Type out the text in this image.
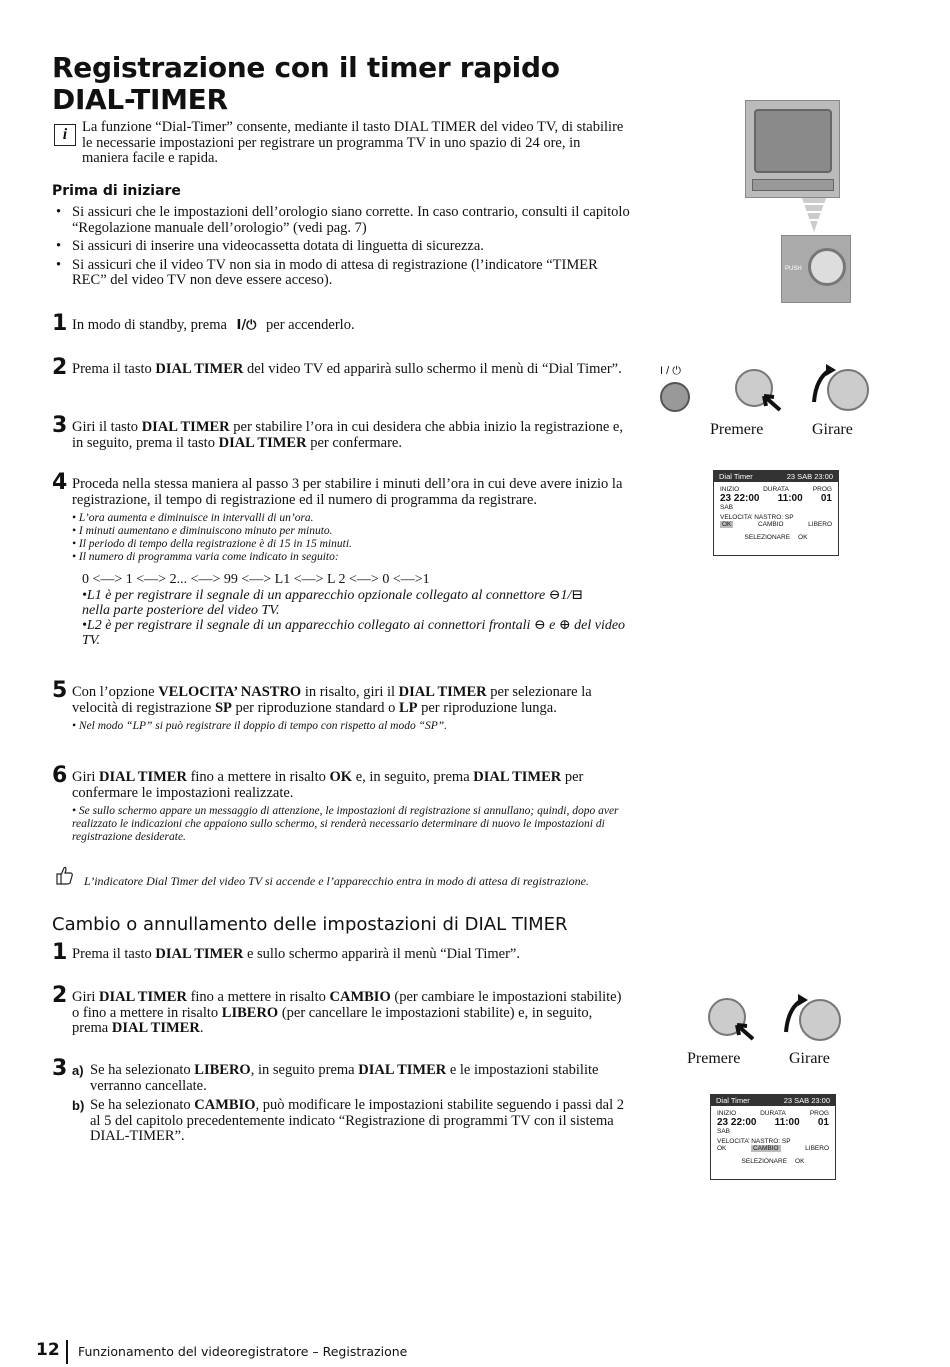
Registrazione con il timer rapido DIAL-TIMER
i La funzione “Dial-Timer” consente, mediante il tasto DIAL TIMER del video TV, di stabilire le necessarie impostazioni per registrare un programma TV in uno spazio di 24 ore, in maniera facile e rapida.
Prima di iniziare
• Si assicuri che le impostazioni dell’orologio siano corrette. In caso contrario, consulti il capitolo “Regolazione manuale dell’orologio” (vedi pag. 7)
• Si assicuri di inserire una videocassetta dotata di linguetta di sicurezza.
• Si assicuri che il video TV non sia in modo di attesa di registrazione (l’indicatore “TIMER REC” del video TV non deve essere acceso).
1 In modo di standby, prema I/⏻ per accenderlo.
2 Prema il tasto DIAL TIMER del video TV ed apparirà sullo schermo il menù di “Dial Timer”.
3 Giri il tasto DIAL TIMER per stabilire l’ora in cui desidera che abbia inizio la registrazione e, in seguito, prema il tasto DIAL TIMER per confermare.
4 Proceda nella stessa maniera al passo 3 per stabilire i minuti dell’ora in cui deve avere inizio la registrazione, il tempo di registrazione ed il numero di programma da registrare.
• L’ora aumenta e diminuisce in intervalli di un’ora.
• I minuti aumentano e diminuiscono minuto per minuto.
• Il periodo di tempo della registrazione è di 15 in 15 minuti.
• Il numero di programma varia come indicato in seguito:
0 <—> 1 <—> 2... <—> 99 <—> L1 <—> L 2 <—> 0 <—>1
•L1 è per registrare il segnale di un apparecchio opzionale collegato al connettore ⊖1/⊟
nella parte posteriore del video TV.
•L2 è per registrare il segnale di un apparecchio collegato ai connettori frontali ⊖ e ⊕ del video TV.
5 Con l’opzione VELOCITA’ NASTRO in risalto, giri il DIAL TIMER per selezionare la velocità di registrazione SP per riproduzione standard o LP per riproduzione lunga.
• Nel modo “LP” si può registrare il doppio di tempo con rispetto al modo “SP”.
6 Giri DIAL TIMER fino a mettere in risalto OK e, in seguito, prema DIAL TIMER per confermare le impostazioni realizzate.
• Se sullo schermo appare un messaggio di attenzione, le impostazioni di registrazione si annullano; quindi, dopo aver realizzato le indicazioni che appaiono sullo schermo, si renderà necessario determinare di nuovo le impostazioni di registrazione desiderate.
L’indicatore Dial Timer del video TV si accende e l’apparecchio entra in modo di attesa di registrazione.
Cambio o annullamento delle impostazioni di DIAL TIMER
1 Prema il tasto DIAL TIMER e sullo schermo apparirà il menù “Dial Timer”.
2 Giri DIAL TIMER fino a mettere in risalto CAMBIO (per cambiare le impostazioni stabilite) o fino a mettere in risalto LIBERO (per cancellare le impostazioni stabilite) e, in seguito, prema DIAL TIMER.
3 a) Se ha selezionato LIBERO, in seguito prema DIAL TIMER e le impostazioni stabilite verranno cancellate.
b) Se ha selezionato CAMBIO, può modificare le impostazioni stabilite seguendo i passi dal 2 al 5 del capitolo precedentemente indicato “Registrazione di programmi TV con il sistema DIAL-TIMER”.
PUSH
I / ⏻
Premere	Girare
Dial Timer	23 SAB 23:00
INIZIO	DURATA	PROG
23 22:00 11:00 01
SAB
VELOCITA’ NASTRO: SP
OK	CAMBIO	LIBERO
SELEZIONARE OK
Premere	Girare
Dial Timer	23 SAB 23:00
INIZIO	DURATA	PROG
23 22:00 11:00 01
SAB
VELOCITA’ NASTRO: SP
OK	CAMBIO	LIBERO
SELEZIONARE OK
12 Funzionamento del videoregistratore – Registrazione
